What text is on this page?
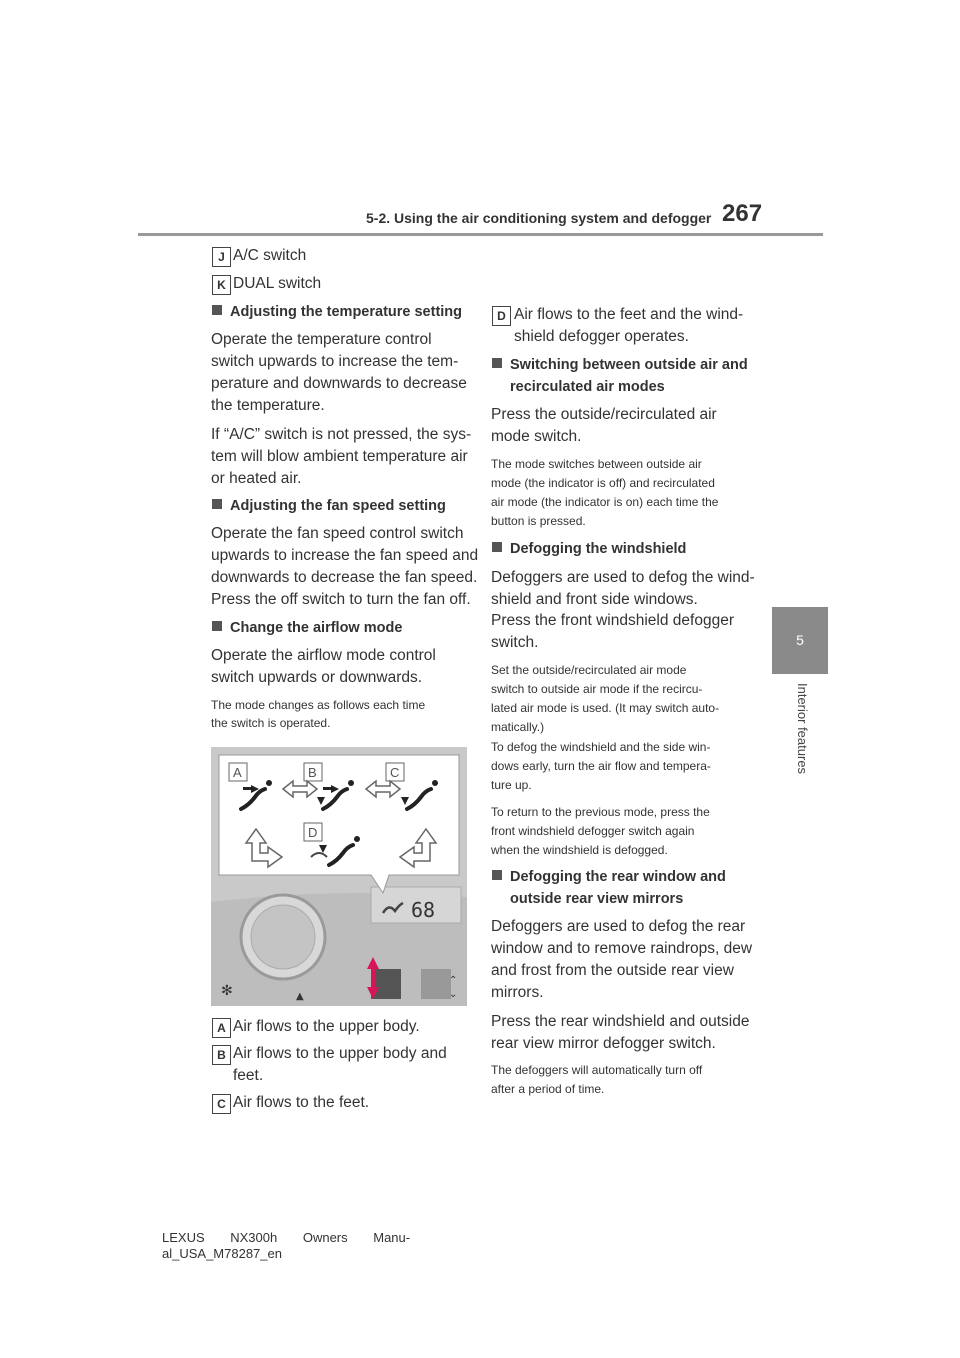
5-2. Using the air conditioning system and defogger 267
5
Interior features
J A/C switch
K DUAL switch
Adjusting the temperature setting
Operate the temperature control
switch upwards to increase the tem-
perature and downwards to decrease
the temperature.
If “A/C” switch is not pressed, the sys-
tem will blow ambient temperature air
or heated air.
Adjusting the fan speed setting
Operate the fan speed control switch
upwards to increase the fan speed and
downwards to decrease the fan speed.
Press the off switch to turn the fan off.
Change the airflow mode
Operate the airflow mode control
switch upwards or downwards.
The mode changes as follows each time
the switch is operated.
68
A	B	C
D
✻	▲
⌃
⌄
A Air flows to the upper body.
B Air flows to the upper body and
feet.
C Air flows to the feet.
D Air flows to the feet and the wind-
shield defogger operates.
Switching between outside air and
recirculated air modes
Press the outside/recirculated air
mode switch.
The mode switches between outside air
mode (the indicator is off) and recirculated
air mode (the indicator is on) each time the
button is pressed.
Defogging the windshield
Defoggers are used to defog the wind-
shield and front side windows.
Press the front windshield defogger
switch.
Set the outside/recirculated air mode
switch to outside air mode if the recircu-
lated air mode is used. (It may switch auto-
matically.)
To defog the windshield and the side win-
dows early, turn the air flow and tempera-
ture up.
To return to the previous mode, press the
front windshield defogger switch again
when the windshield is defogged.
Defogging the rear window and
outside rear view mirrors
Defoggers are used to defog the rear
window and to remove raindrops, dew
and frost from the outside rear view
mirrors.
Press the rear windshield and outside
rear view mirror defogger switch.
The defoggers will automatically turn off
after a period of time.
LEXUS NX300h Owners Manu-
al_USA_M78287_en
